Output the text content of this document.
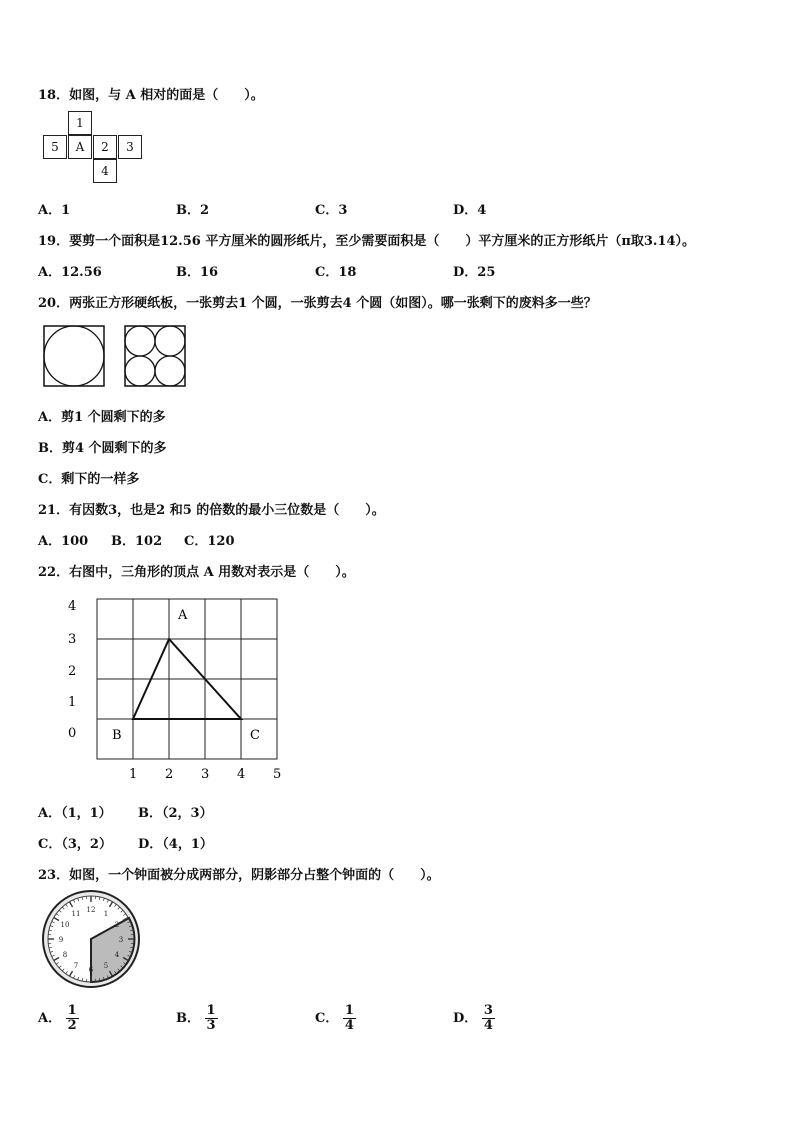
18．如图，与 A 相对的面是（　　）。
1
5	A	2	3
4
A．1	B．2	C．3	D．4
19．要剪一个面积是12.56 平方厘米的圆形纸片，至少需要面积是（　　）平方厘米的正方形纸片（π取3.14）。
A．12.56	B．16	C．18	D．25
20．两张正方形硬纸板，一张剪去1 个圆，一张剪去4 个圆（如图）。哪一张剩下的废料多一些？
A．剪1 个圆剩下的多
B．剪4 个圆剩下的多
C．剩下的一样多
21．有因数3，也是2 和5 的倍数的最小三位数是（　　）。
A．100 B．102 C．120
22．右图中，三角形的顶点 A 用数对表示是（　　）。
4
3
2
1
0
1 2 3 4 5
A
B	C
A．（1，1） B．（2，3）
C．（3，2） D．（4，1）
23．如图，一个钟面被分成两部分，阴影部分占整个钟面的（　　）。
12
1
2
3
4
5
6
7
8
9
10
11
A． $\frac{1}{2}$	B． $\frac{1}{3}$	C． $\frac{1}{4}$	D． $\frac{3}{4}$
